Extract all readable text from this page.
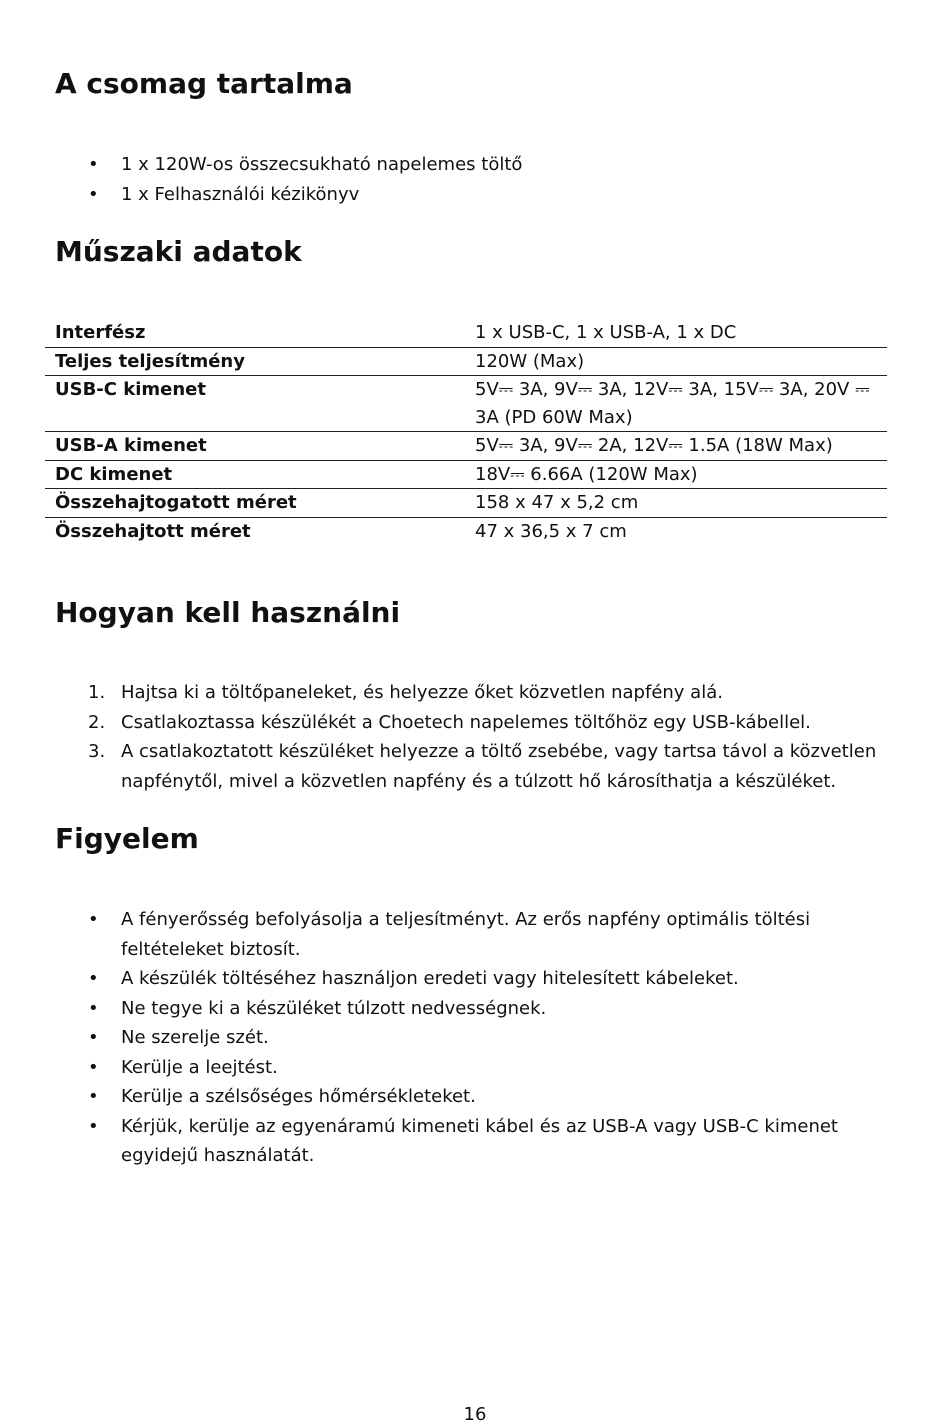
A csomag tartalma
• 1 x 120W-os összecsukható napelemes töltő
• 1 x Felhasználói kézikönyv
Műszaki adatok
Interfész	1 x USB-C, 1 x USB-A, 1 x DC
Teljes teljesítmény	120W (Max)
USB-C kimenet	5V⎓ 3A, 9V⎓ 3A, 12V⎓ 3A, 15V⎓ 3A, 20V ⎓ 3A (PD 60W Max)
USB-A kimenet	5V⎓ 3A, 9V⎓ 2A, 12V⎓ 1.5A (18W Max)
DC kimenet	18V⎓ 6.66A (120W Max)
Összehajtogatott méret	158 x 47 x 5,2 cm
Összehajtott méret	47 x 36,5 x 7 cm
Hogyan kell használni
1. Hajtsa ki a töltőpaneleket, és helyezze őket közvetlen napfény alá.
2. Csatlakoztassa készülékét a Choetech napelemes töltőhöz egy USB-kábellel.
3. A csatlakoztatott készüléket helyezze a töltő zsebébe, vagy tartsa távol a közvetlen napfénytől, mivel a közvetlen napfény és a túlzott hő károsíthatja a készüléket.
Figyelem
• A fényerősség befolyásolja a teljesítményt. Az erős napfény optimális töltési feltételeket biztosít.
• A készülék töltéséhez használjon eredeti vagy hitelesített kábeleket.
• Ne tegye ki a készüléket túlzott nedvességnek.
• Ne szerelje szét.
• Kerülje a leejtést.
• Kerülje a szélsőséges hőmérsékleteket.
• Kérjük, kerülje az egyenáramú kimeneti kábel és az USB-A vagy USB-C kimenet egyidejű használatát.
16
